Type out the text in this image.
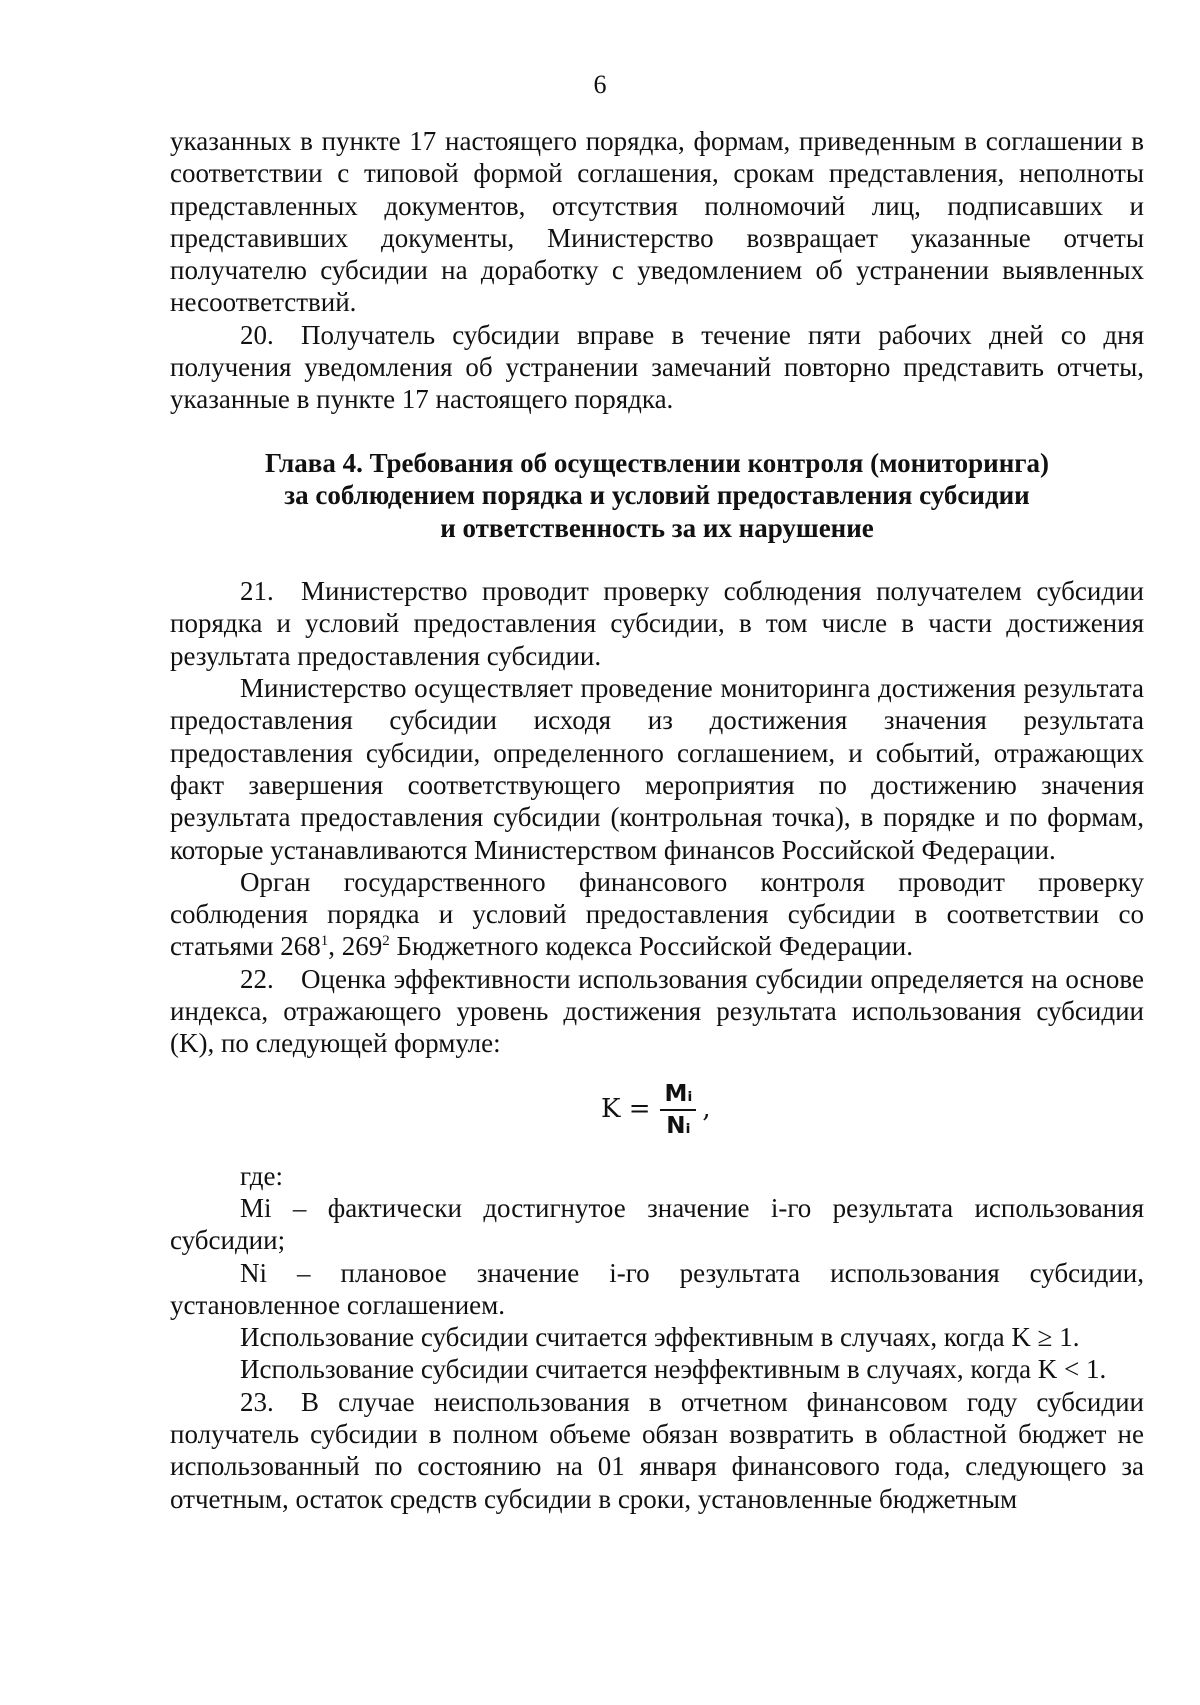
6

указанных в пункте 17 настоящего порядка, формам, приведенным в соглашении в соответствии с типовой формой соглашения, срокам представления, неполноты представленных документов, отсутствия полномочий лиц, подписавших и представивших документы, Министерство возвращает указанные отчеты получателю субсидии на доработку с уведомлением об устранении выявленных несоответствий.

20. Получатель субсидии вправе в течение пяти рабочих дней со дня получения уведомления об устранении замечаний повторно представить отчеты, указанные в пункте 17 настоящего порядка.

Глава 4. Требования об осуществлении контроля (мониторинга)
за соблюдением порядка и условий предоставления субсидии
и ответственность за их нарушение

21. Министерство проводит проверку соблюдения получателем субсидии порядка и условий предоставления субсидии, в том числе в части достижения результата предоставления субсидии.

Министерство осуществляет проведение мониторинга достижения результата предоставления субсидии исходя из достижения значения результата предоставления субсидии, определенного соглашением, и событий, отражающих факт завершения соответствующего мероприятия по достижению значения результата предоставления субсидии (контрольная точка), в порядке и по формам, которые устанавливаются Министерством финансов Российской Федерации.

Орган государственного финансового контроля проводит проверку соблюдения порядка и условий предоставления субсидии в соответствии со статьями $268^1$, $269^2$ Бюджетного кодекса Российской Федерации.

22. Оценка эффективности использования субсидии определяется на основе индекса, отражающего уровень достижения результата использования субсидии (K), по следующей формуле:

$K = \frac{\text{Mᵢ}}{\text{Nᵢ}}$ ,

где:

Mi – фактически достигнутое значение i-го результата использования субсидии;

Ni – плановое значение i-го результата использования субсидии, установленное соглашением.

Использование субсидии считается эффективным в случаях, когда K ≥ 1.

Использование субсидии считается неэффективным в случаях, когда K < 1.

23. В случае неиспользования в отчетном финансовом году субсидии получатель субсидии в полном объеме обязан возвратить в областной бюджет не использованный по состоянию на 01 января финансового года, следующего за отчетным, остаток средств субсидии в сроки, установленные бюджетным
